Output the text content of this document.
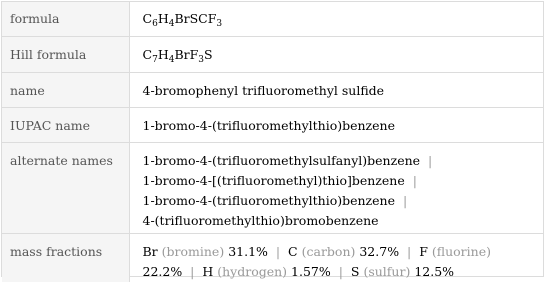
formula	$C_6H_4BrSCF_3$
Hill formula	$C_7H_4BrF_3S$
name	4-bromophenyl trifluoromethyl sulfide
IUPAC name	1-bromo-4-(trifluoromethylthio)benzene
alternate names	1-bromo-4-(trifluoromethylsulfanyl)benzene |
1-bromo-4-[(trifluoromethyl)thio]benzene |
1-bromo-4-(trifluoromethylthio)benzene |
4-(trifluoromethylthio)bromobenzene
mass fractions	Br (bromine) 31.1% | C (carbon) 32.7% | F (fluorine)
22.2% | H (hydrogen) 1.57% | S (sulfur) 12.5%
